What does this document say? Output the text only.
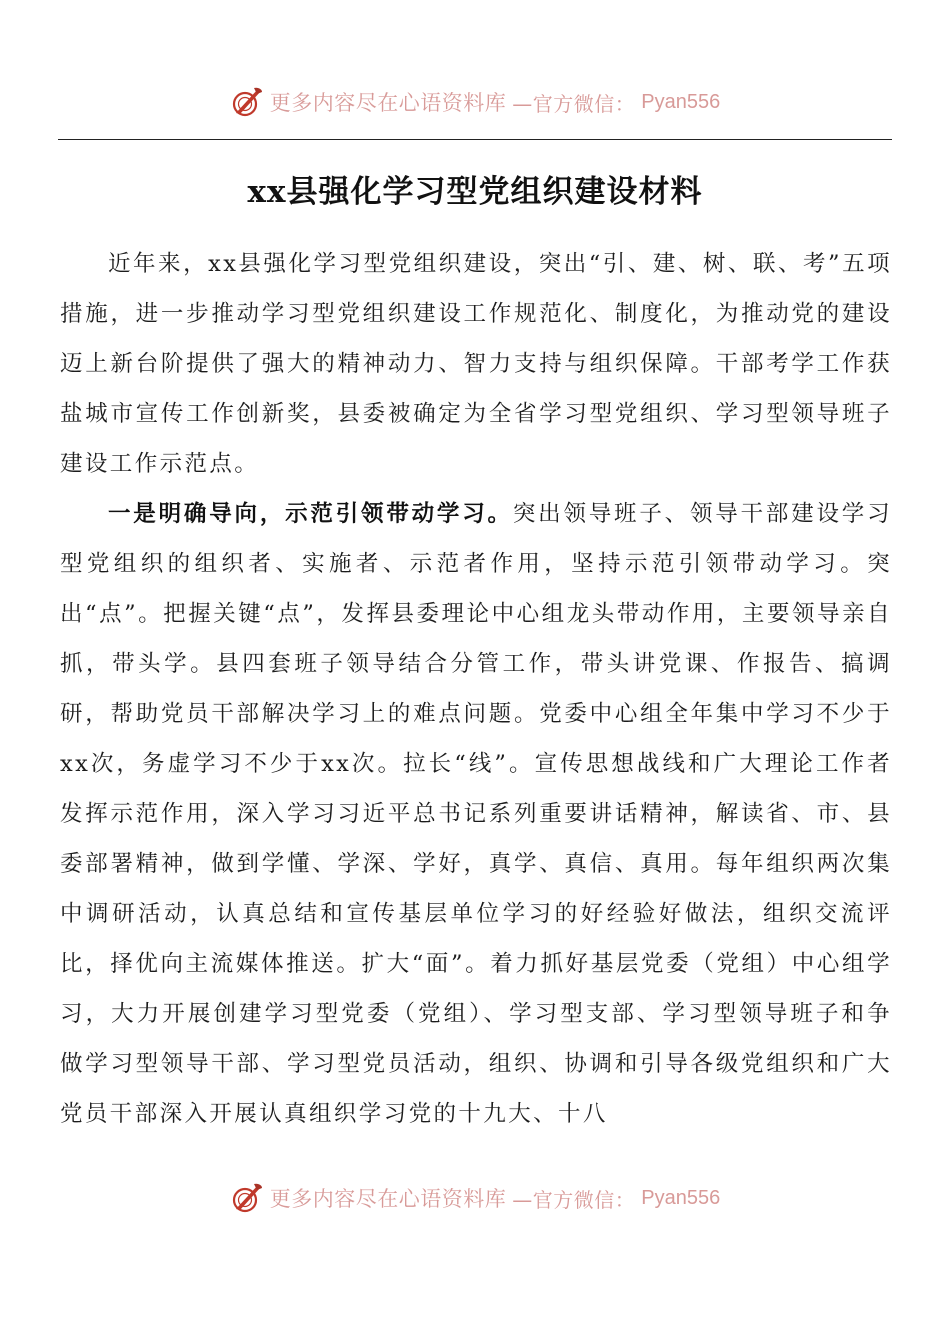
更多内容尽在心语资料库 —官方微信： Pyan556
xx县强化学习型党组织建设材料

近年来，xx县强化学习型党组织建设，突出“引、建、树、联、考”五项措施，进一步推动学习型党组织建设工作规范化、制度化，为推动党的建设迈上新台阶提供了强大的精神动力、智力支持与组织保障。干部考学工作获盐城市宣传工作创新奖，县委被确定为全省学习型党组织、学习型领导班子建设工作示范点。

一是明确导向，示范引领带动学习。突出领导班子、领导干部建设学习型党组织的组织者、实施者、示范者作用，坚持示范引领带动学习。突出“点”。把握关键“点”，发挥县委理论中心组龙头带动作用，主要领导亲自抓，带头学。县四套班子领导结合分管工作，带头讲党课、作报告、搞调研，帮助党员干部解决学习上的难点问题。党委中心组全年集中学习不少于xx次，务虚学习不少于xx次。拉长“线”。宣传思想战线和广大理论工作者发挥示范作用，深入学习习近平总书记系列重要讲话精神，解读省、市、县委部署精神，做到学懂、学深、学好，真学、真信、真用。每年组织两次集中调研活动，认真总结和宣传基层单位学习的好经验好做法，组织交流评比，择优向主流媒体推送。扩大“面”。着力抓好基层党委（党组）中心组学习，大力开展创建学习型党委（党组）、学习型支部、学习型领导班子和争做学习型领导干部、学习型党员活动，组织、协调和引导各级党组织和广大党员干部深入开展认真组织学习党的十九大、十八

更多内容尽在心语资料库 —官方微信： Pyan556
